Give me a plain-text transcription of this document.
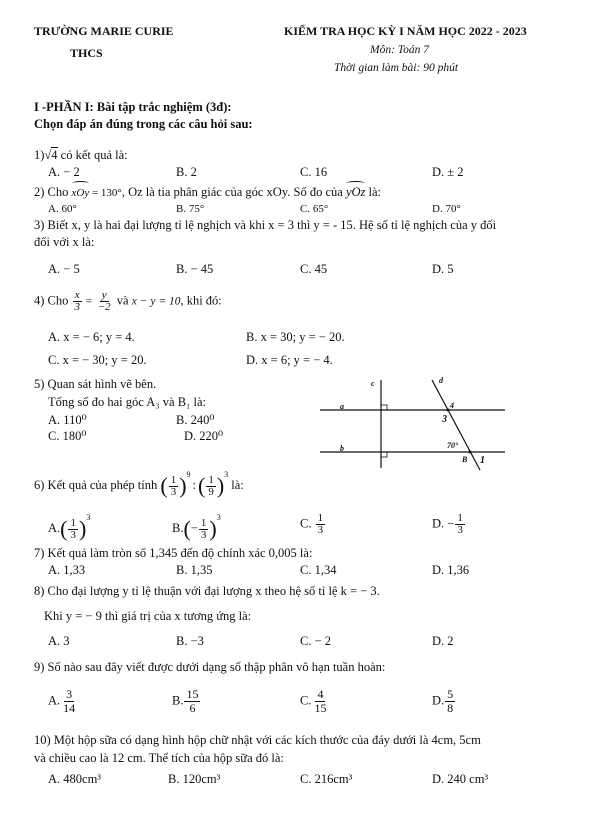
TRƯỜNG MARIE CURIE
THCS
KIỂM TRA HỌC KỲ I NĂM HỌC 2022 - 2023
Môn: Toán 7
Thời gian làm bài: 90 phút
I -PHẦN I: Bài tập trắc nghiệm (3đ):
Chọn đáp án đúng trong các câu hỏi sau:
1)√4 có kết quả là:
A. − 2	B. 2	C. 16	D. ± 2
2) Cho
xOy = 130°, Oz là tia phân giác của góc xOy. Số đo của
yOz là:
A. 60°	B. 75°	C. 65°	D. 70°
3) Biết x, y là hai đại lượng tỉ lệ nghịch và khi x = 3 thì y = - 15. Hệ số tỉ lệ nghịch của y đối
đối với x là:
A. − 5	B. − 45	C. 45	D. 5
4) Cho $\frac{x}{3} = \frac{y}{-2}$ và x − y = 10, khi đó:
A. x = − 6; y = 4.	B. x = 30; y = − 20.
C. x = − 30; y = 20.	D. x = 6; y = − 4.
5) Quan sát hình vẽ bên.
Tổng số đo hai góc A₃ và B₁ là:
A. 110⁰	B. 240⁰
C. 180⁰	D. 220⁰
c	d
a
b
4
3
70°
B 1
6) Kết quả của phép tính ( $\frac{1}{3}$ )$^9$:( $\frac{1}{9} )^3$ là:
$A.( \frac{1}{3} )^3$
$B.(- \frac{1}{3} )^3$	C. $\frac{1}{3}$	D. − $\frac{1}{3}$
7) Kết quả làm tròn số 1,345 đến độ chính xác 0,005 là:
A. 1,33	B. 1,35	C. 1,34	D. 1,36
8) Cho đại lượng y tỉ lệ thuận với đại lượng x theo hệ số tỉ lệ k = − 3.
Khi y = − 9 thì giá trị của x tương ứng là:
A. 3	B. −3	C. − 2	D. 2
9) Số nào sau đây viết được dưới dạng số thập phân vô hạn tuần hoàn:
A. $\frac{3}{14}$	B. $\frac{15}{6}$	C. $\frac{4}{15}$	D. $\frac{5}{8}$
10) Một hộp sữa có dạng hình hộp chữ nhật với các kích thước của đáy dưới là 4cm, 5cm
và chiều cao là 12 cm. Thể tích của hộp sữa đó là:
A. 480cm³	B. 120cm³	C. 216cm³	D. 240 cm³
